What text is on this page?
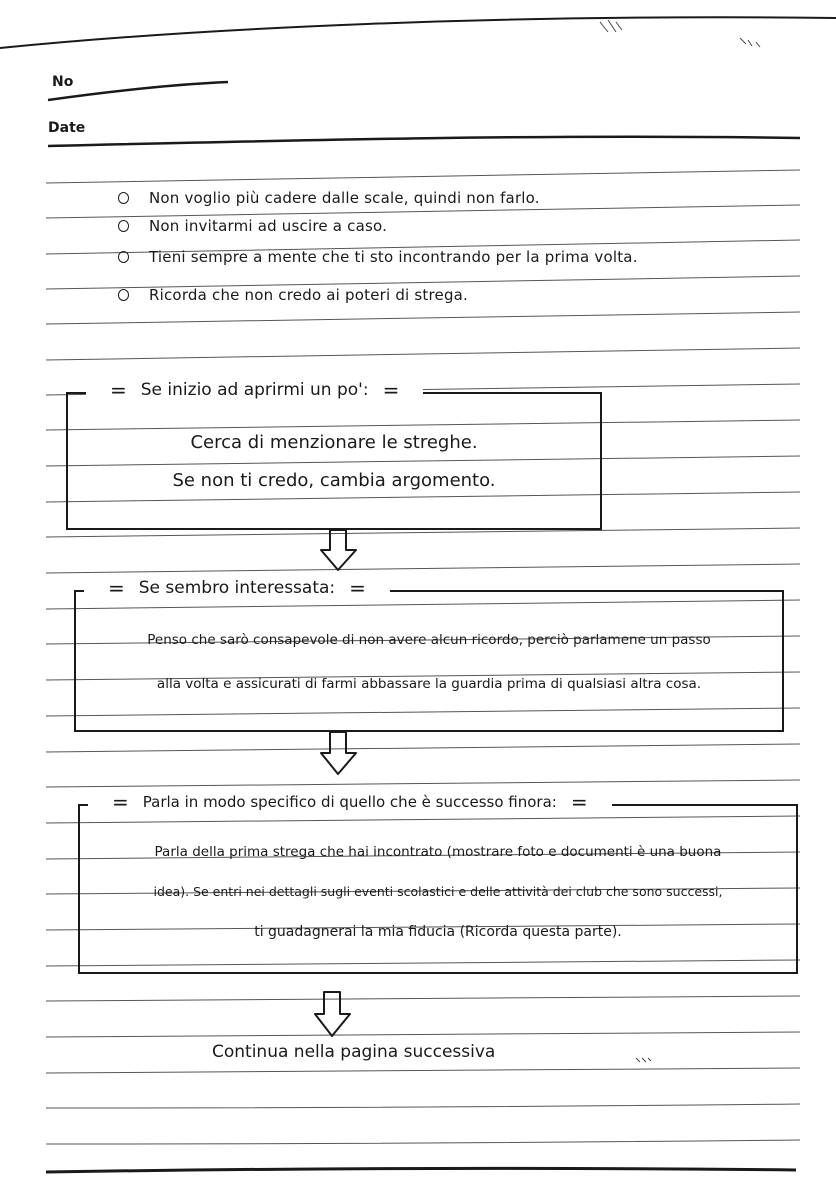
No
Date
Non voglio più cadere dalle scale, quindi non farlo.
Non invitarmi ad uscire a caso.
Tieni sempre a mente che ti sto incontrando per la prima volta.
Ricorda che non credo ai poteri di strega.
= Se inizio ad aprirmi un po': =
Cerca di menzionare le streghe.
Se non ti credo, cambia argomento.
= Se sembro interessata: =
Penso che sarò consapevole di non avere alcun ricordo, perciò parlamene un passo
alla volta e assicurati di farmi abbassare la guardia prima di qualsiasi altra cosa.
= Parla in modo specifico di quello che è successo finora: =
Parla della prima strega che hai incontrato (mostrare foto e documenti è una buona
idea). Se entri nei dettagli sugli eventi scolastici e delle attività dei club che sono successi,
ti guadagnerai la mia fiducia (Ricorda questa parte).
Continua nella pagina successiva
